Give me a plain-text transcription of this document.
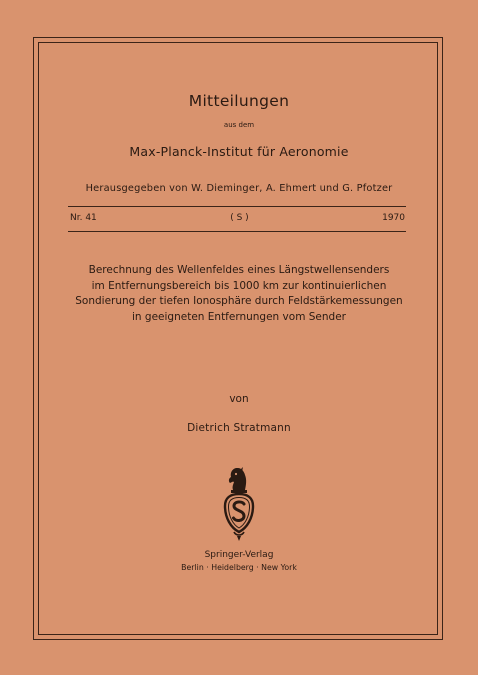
Mitteilungen
aus dem
Max-Planck-Institut für Aeronomie
Herausgegeben von W. Dieminger, A. Ehmert und G. Pfotzer
Nr. 41	( S )	1970
Berechnung des Wellenfeldes eines Längstwellensenders
im Entfernungsbereich bis 1000 km zur kontinuierlichen
Sondierung der tiefen Ionosphäre durch Feldstärkemessungen
in geeigneten Entfernungen vom Sender
von
Dietrich Stratmann
Springer-Verlag
Berlin · Heidelberg · New York
